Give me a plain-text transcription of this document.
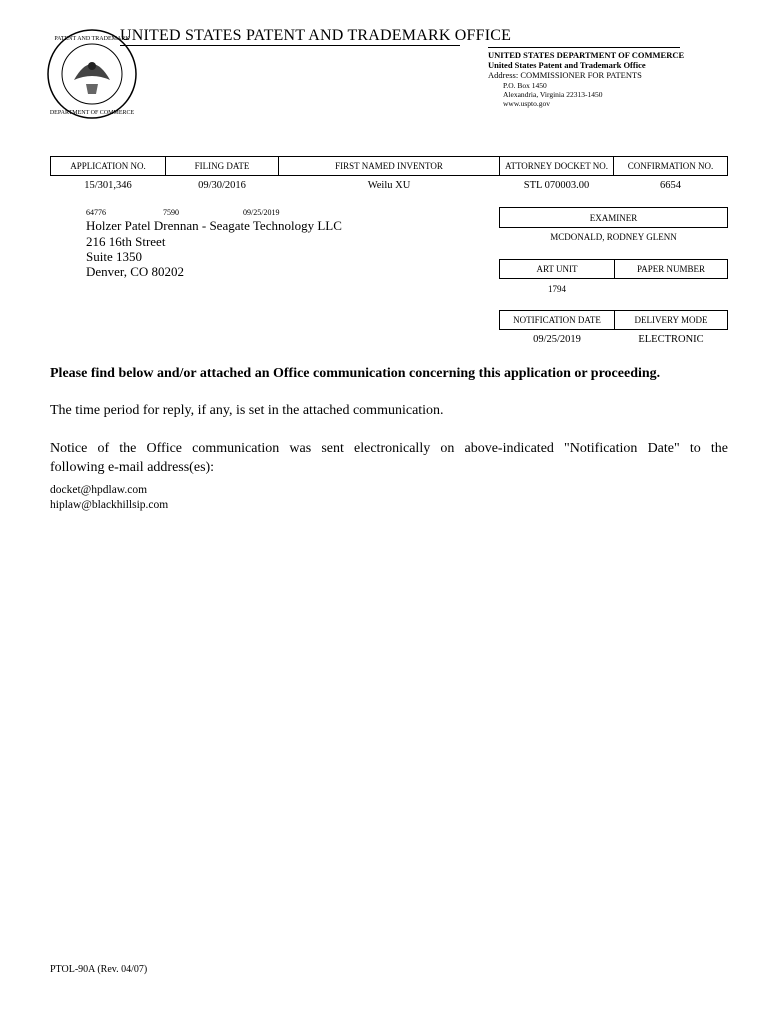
PATENT AND TRADEMARK
DEPARTMENT OF COMMERCE
UNITED STATES PATENT AND TRADEMARK OFFICE
UNITED STATES DEPARTMENT OF COMMERCE
United States Patent and Trademark Office
Address: COMMISSIONER FOR PATENTS
P.O. Box 1450
Alexandria, Virginia 22313-1450
www.uspto.gov
APPLICATION NO.	FILING DATE	FIRST NAMED INVENTOR	ATTORNEY DOCKET NO.	CONFIRMATION NO.
15/301,346	09/30/2016	Weilu XU	STL 070003.00	6654
64776	7590	09/25/2019
Holzer Patel Drennan - Seagate Technology LLC
216 16th Street
Suite 1350
Denver, CO 80202
EXAMINER
MCDONALD, RODNEY GLENN
ART UNIT	PAPER NUMBER
1794
NOTIFICATION DATE	DELIVERY MODE
09/25/2019	ELECTRONIC
Please find below and/or attached an Office communication concerning this application or proceeding.
The time period for reply, if any, is set in the attached communication.
Notice of the Office communication was sent electronically on above-indicated "Notification Date" to the
following e-mail address(es):
docket@hpdlaw.com
hiplaw@blackhillsip.com
PTOL-90A (Rev. 04/07)
